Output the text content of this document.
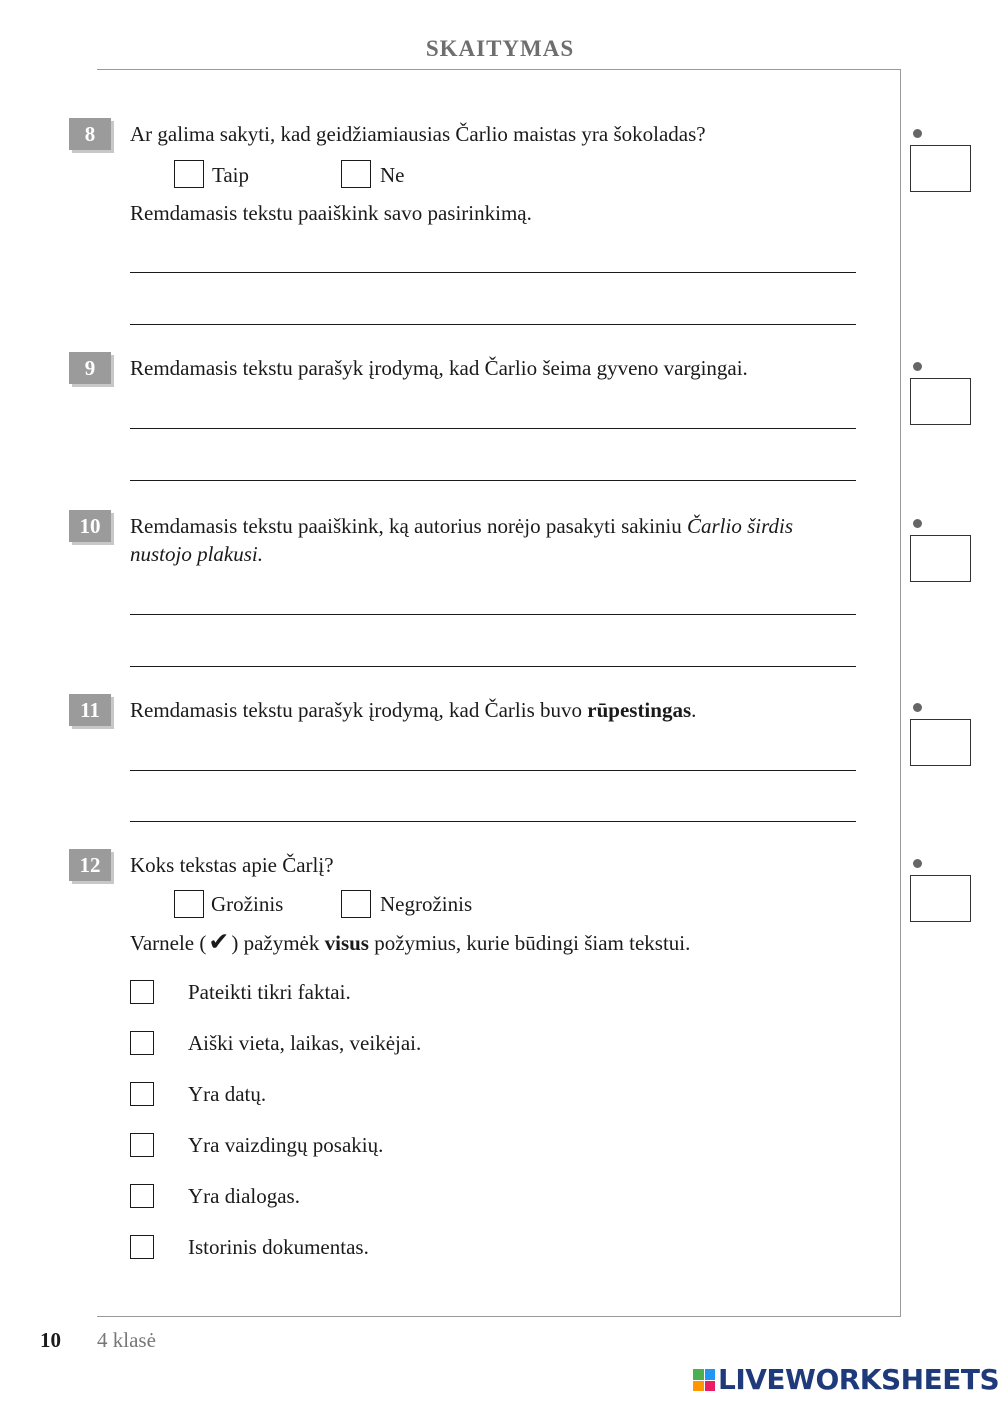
SKAITYMAS
8	Ar galima sakyti, kad geidžiamiausias Čarlio maistas yra šokoladas?
Taip	Ne
Remdamasis tekstu paaiškink savo pasirinkimą.
9	Remdamasis tekstu parašyk įrodymą, kad Čarlio šeima gyveno vargingai.
10	Remdamasis tekstu paaiškink, ką autorius norėjo pasakyti sakiniu Čarlio širdis
nustojo plakusi.
11	Remdamasis tekstu parašyk įrodymą, kad Čarlis buvo rūpestingas.
12	Koks tekstas apie Čarlį?
Grožinis	Negrožinis
Varnele (✔) pažymėk visus požymius, kurie būdingi šiam tekstui.
Pateikti tikri faktai.
Aiški vieta, laikas, veikėjai.
Yra datų.
Yra vaizdingų posakių.
Yra dialogas.
Istorinis dokumentas.
10 4 klasė
LIVEWORKSHEETS
